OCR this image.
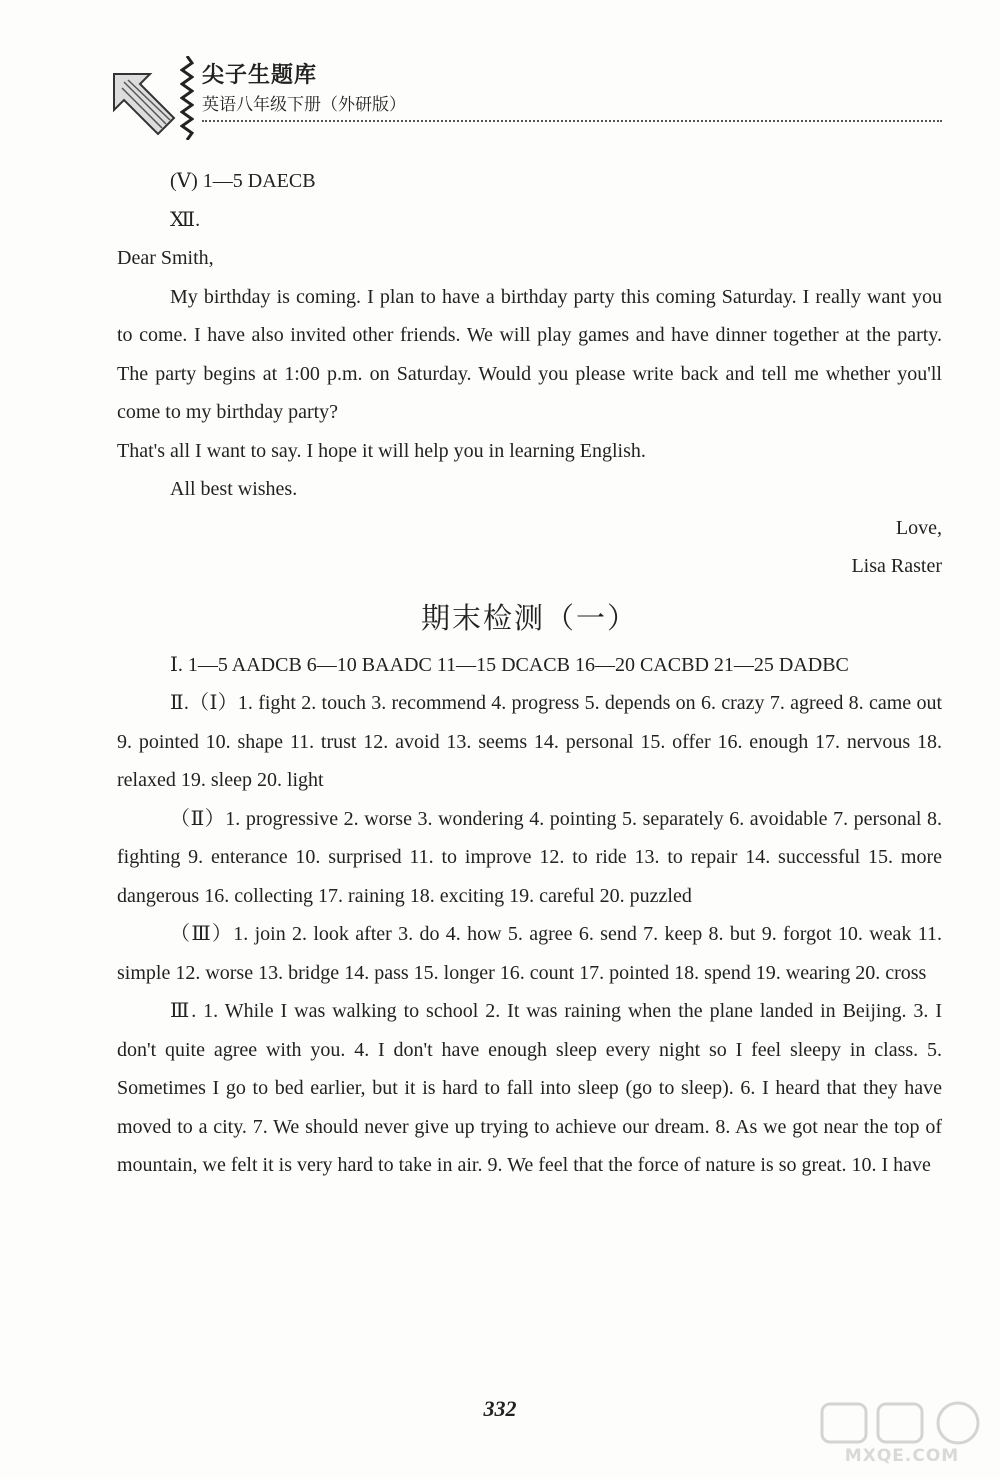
尖子生题库
英语八年级下册（外研版）

(Ⅴ) 1—5 DAECB

Ⅻ.

Dear Smith,

My birthday is coming. I plan to have a birthday party this coming Saturday. I really want you to come. I have also invited other friends. We will play games and have dinner together at the party. The party begins at 1:00 p.m. on Saturday. Would you please write back and tell me whether you'll come to my birthday party?

That's all I want to say. I hope it will help you in learning English.

All best wishes.

Love,

Lisa Raster

期末检测（一）

Ⅰ. 1—5 AADCB 6—10 BAADC 11—15 DCACB 16—20 CACBD 21—25 DADBC

Ⅱ.（Ⅰ）1. fight 2. touch 3. recommend 4. progress 5. depends on 6. crazy 7. agreed 8. came out 9. pointed 10. shape 11. trust 12. avoid 13. seems 14. personal 15. offer 16. enough 17. nervous 18. relaxed 19. sleep 20. light

（Ⅱ）1. progressive 2. worse 3. wondering 4. pointing 5. separately 6. avoidable 7. personal 8. fighting 9. enterance 10. surprised 11. to improve 12. to ride 13. to repair 14. successful 15. more dangerous 16. collecting 17. raining 18. exciting 19. careful 20. puzzled

（Ⅲ）1. join 2. look after 3. do 4. how 5. agree 6. send 7. keep 8. but 9. forgot 10. weak 11. simple 12. worse 13. bridge 14. pass 15. longer 16. count 17. pointed 18. spend 19. wearing 20. cross

Ⅲ. 1. While I was walking to school 2. It was raining when the plane landed in Beijing. 3. I don't quite agree with you. 4. I don't have enough sleep every night so I feel sleepy in class. 5. Sometimes I go to bed earlier, but it is hard to fall into sleep (go to sleep). 6. I heard that they have moved to a city. 7. We should never give up trying to achieve our dream. 8. As we got near the top of mountain, we felt it is very hard to take in air. 9. We feel that the force of nature is so great. 10. I have

332
MXQE.COM
